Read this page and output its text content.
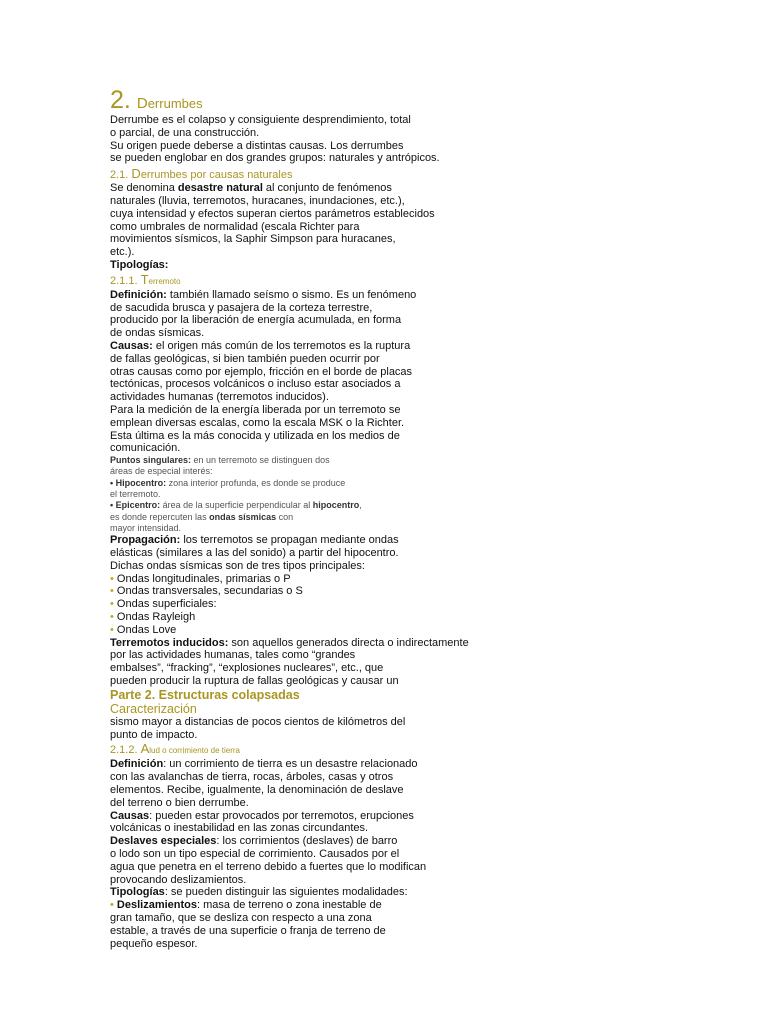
2. Derrumbes
Derrumbe es el colapso y consiguiente desprendimiento, total
o parcial, de una construcción.
Su origen puede deberse a distintas causas. Los derrumbes
se pueden englobar en dos grandes grupos: naturales y antrópicos.
2.1. Derrumbes por causas naturales
Se denomina desastre natural al conjunto de fenómenos
naturales (lluvia, terremotos, huracanes, inundaciones, etc.),
cuya intensidad y efectos superan ciertos parámetros establecidos
como umbrales de normalidad (escala Richter para
movimientos sísmicos, la Saphir Simpson para huracanes,
etc.).
Tipologías:
2.1.1. Terremoto
Definición: también llamado seísmo o sismo. Es un fenómeno
de sacudida brusca y pasajera de la corteza terrestre,
producido por la liberación de energía acumulada, en forma
de ondas sísmicas.
Causas: el origen más común de los terremotos es la ruptura
de fallas geológicas, si bien también pueden ocurrir por
otras causas como por ejemplo, fricción en el borde de placas
tectónicas, procesos volcánicos o incluso estar asociados a
actividades humanas (terremotos inducidos).
Para la medición de la energía liberada por un terremoto se
emplean diversas escalas, como la escala MSK o la Richter.
Esta última es la más conocida y utilizada en los medios de
comunicación.
Puntos singulares: en un terremoto se distinguen dos
áreas de especial interés:
• Hipocentro: zona interior profunda, es donde se produce
el terremoto.
• Epicentro: área de la superficie perpendicular al hipocentro,
es donde repercuten las ondas sísmicas con
mayor intensidad.
Propagación: los terremotos se propagan mediante ondas
elásticas (similares a las del sonido) a partir del hipocentro.
Dichas ondas sísmicas son de tres tipos principales:
• Ondas longitudinales, primarias o P
• Ondas transversales, secundarias o S
• Ondas superficiales:
• Ondas Rayleigh
• Ondas Love
Terremotos inducidos: son aquellos generados directa o indirectamente
por las actividades humanas, tales como “grandes
embalses”, “fracking”, “explosiones nucleares”, etc., que
pueden producir la ruptura de fallas geológicas y causar un
Parte 2. Estructuras colapsadas
Caracterización
sismo mayor a distancias de pocos cientos de kilómetros del
punto de impacto.
2.1.2. Alud o corrimiento de tierra
Definición: un corrimiento de tierra es un desastre relacionado
con las avalanchas de tierra, rocas, árboles, casas y otros
elementos. Recibe, igualmente, la denominación de deslave
del terreno o bien derrumbe.
Causas: pueden estar provocados por terremotos, erupciones
volcánicas o inestabilidad en las zonas circundantes.
Deslaves especiales: los corrimientos (deslaves) de barro
o lodo son un tipo especial de corrimiento. Causados por el
agua que penetra en el terreno debido a fuertes que lo modifican
provocando deslizamientos.
Tipologías: se pueden distinguir las siguientes modalidades:
• Deslizamientos: masa de terreno o zona inestable de
gran tamaño, que se desliza con respecto a una zona
estable, a través de una superficie o franja de terreno de
pequeño espesor.
